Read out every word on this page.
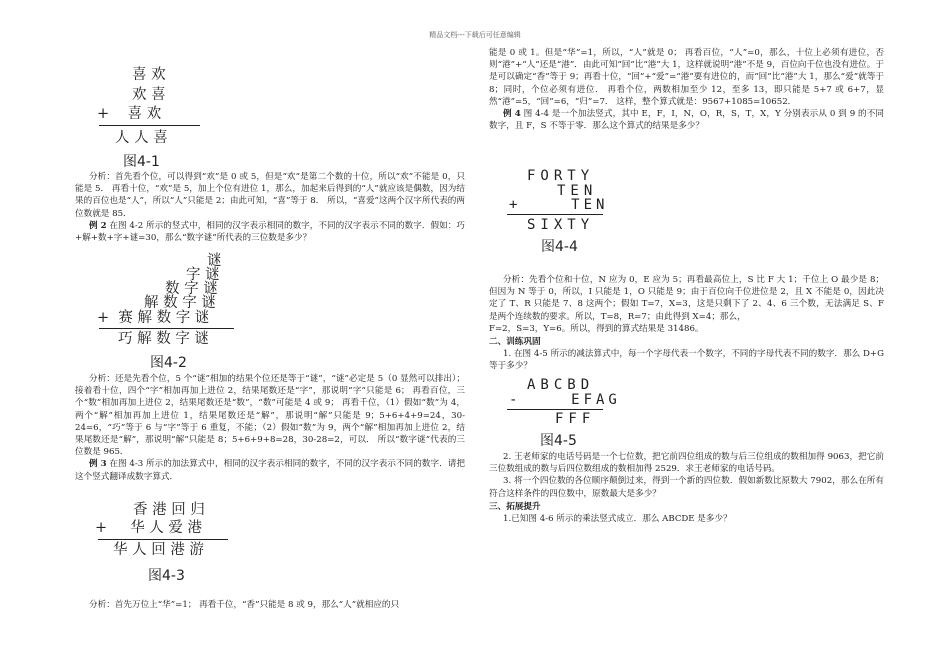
精品文档---下载后可任意编辑
喜 欢
欢 喜
+    喜 欢
人 人 喜
图4-1

分析：首先看个位，可以得到“欢”是 0 或 5，但是“欢”是第二个数的十位，所以“欢”不能是 0，只能是 5． 再看十位，“欢”是 5，加上个位有进位 1，那么，加起来后得到的“人”就应该是偶数，因为结果的百位也是“人”，所以“人”只能是 2；由此可知，“喜”等于 8． 所以，“喜爱”这两个汉字所代表的两位数就是 85．

例 2 在图 4-2 所示的竖式中，相同的汉字表示相同的数字，不同的汉字表示不同的数字．假如：巧+解+数+字+谜=30，那么“数字谜”所代表的三位数是多少？

谜
字 谜
数 字 谜
解 数 字 谜
+  赛 解 数 字 谜
巧 解 数 字 谜
图4-2

分析：还是先看个位，5 个“谜”相加的结果个位还是等于“谜”，“谜”必定是 5（0 显然可以排出）； 接着看十位，四个“字”相加再加上进位 2，结果尾数还是“字”，那说明“字”只能是 6； 再看百位，三个“数”相加再加上进位 2，结果尾数还是“数”，“数”可能是 4 或 9； 再看千位，（1）假如“数”为 4，两个“解”相加再加上进位 1，结果尾数还是“解”，那说明“解”只能是 9；5+6+4+9=24，30-24=6，“巧”等于 6 与“字”等于 6 重复，不能；（2）假如“数”为 9，两个“解”相加再加上进位 2，结果尾数还是“解”，那说明“解”只能是 8；5+6+9+8=28，30-28=2，可以． 所以“数字谜”代表的三位数是 965．

例 3 在图 4-3 所示的加法算式中，相同的汉字表示相同的数字，不同的汉字表示不同的数字．请把这个竖式翻译成数字算式．

香 港 回 归
+     华 人 爱 港
华 人 回 港 游
图4-3

分析：首先万位上“华”=1； 再看千位，“香”只能是 8 或 9，那么“人”就相应的只

能是 0 或 1。但是“华”=1，所以，“人”就是 0； 再看百位，“人”=0，那么，十位上必须有进位，否则“港”+“人”还是“港”．由此可知“回”比“港”大 1，这样就说明“港”不是 9，百位向千位也没有进位。于是可以确定“香”等于 9；再看十位，“回”+“爱”=“港”要有进位的，而“回”比“港”大 1，那么“爱”就等于 8；同时，个位必须有进位． 再看个位，两数相加至少 12，至多 13，即只能是 5+7 或 6+7，显然“港”=5，“回”=6，“归”=7． 这样，整个算式就是：9567+1085=10652．

例 4 图 4-4 是一个加法竖式，其中 E，F，I，N，O，R，S，T，X，Y 分别表示从 0 到 9 的不同数字，且 F，S 不等于零．那么这个算式的结果是多少？

FORTY
TEN
+    TEN
SIXTY
图4-4

分析：先看个位和十位，N 应为 0，E 应为 5；再看最高位上，S 比 F 大 1；千位上 O 最少是 8；但因为 N 等于 0，所以，I 只能是 1，O 只能是 9；由于百位向千位进位是 2，且 X 不能是 0，因此决定了 T、R 只能是 7、8 这两个；假如 T=7，X=3，这是只剩下了 2、4、6 三个数，无法满足 S、F 是两个连续数的要求。所以，T=8，R=7；由此得到 X=4；那么，

F=2，S=3，Y=6。所以，得到的算式结果是 31486。

二、训练巩固

1. 在图 4-5 所示的减法算式中，每一个字母代表一个数字，不同的字母代表不同的数字．那么 D+G 等于多少？

ABCBD
-    EFAG
FFF
图4-5

2. 王老师家的电话号码是一个七位数，把它前四位组成的数与后三位组成的数相加得 9063，把它前三位数组成的数与后四位数组成的数相加得 2529．求王老师家的电话号码。

3. 将一个四位数的各位顺序颠倒过来，得到一个新的四位数．假如新数比原数大 7902，那么在所有符合这样条件的四位数中，原数最大是多少？

三、拓展提升

1.已知图 4-6 所示的乘法竖式成立．那么 ABCDE 是多少？
